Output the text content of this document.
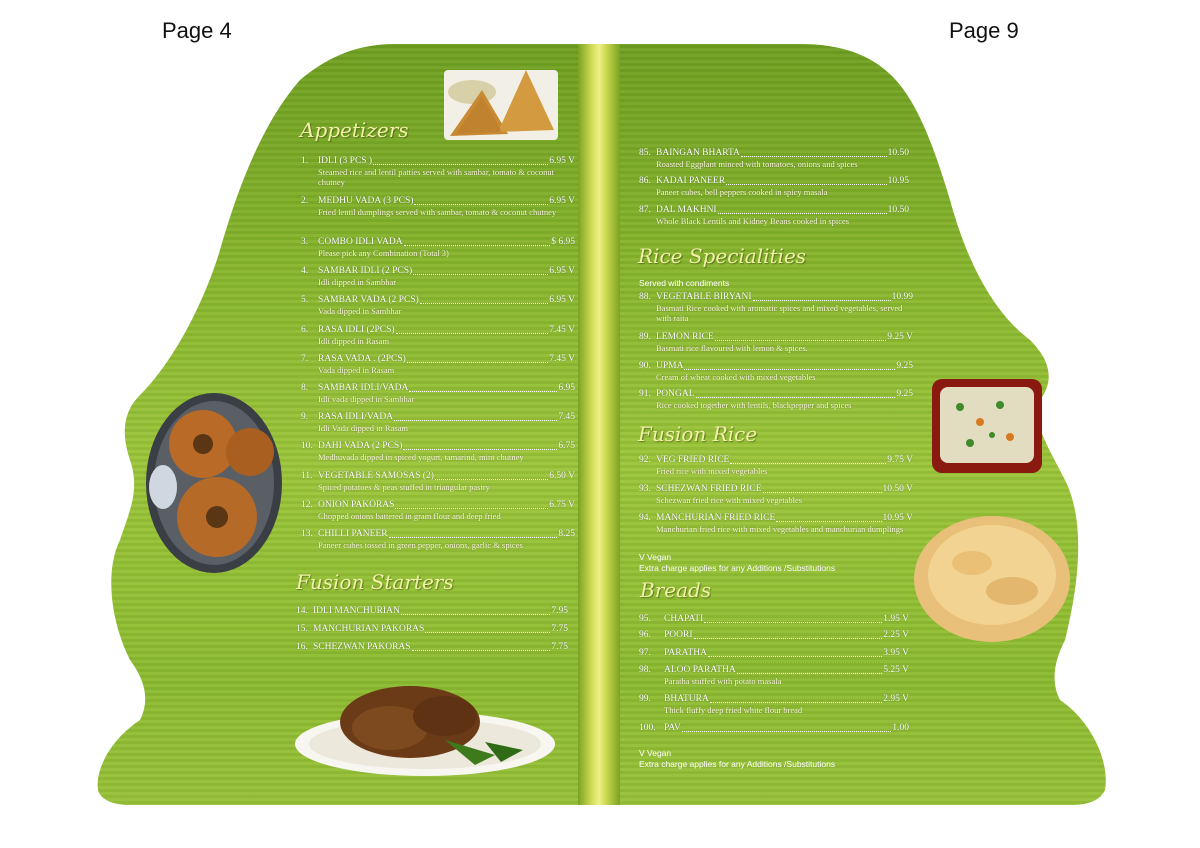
Page 4	Page 9
Appetizers
1.	IDLI (3 PCS )	6.95 V
Steamed rice and lentil patties served with sambar, tomato & coconut chutney
2.	MEDHU VADA (3 PCS)	6.95 V
Fried lentil dumplings served with sambar, tomato & coconut chutney
3.	COMBO IDLI VADA	$ 6.95
Please pick any Combination (Total 3)
4.	SAMBAR IDLI (2 PCS)	6.95 V
Idli dipped in Sambhar
5.	SAMBAR VADA (2 PCS)	6.95 V
Vada dipped in Sambhar
6.	RASA IDLI (2PCS)	7.45 V
Idli dipped in Rasam
7.	RASA VADA . (2PCS)	7.45 V
Vada dipped in Rasam
8.	SAMBAR IDLI/VADA	6.95
Idli vada dipped in Sambhar
9.	RASA IDLI/VADA	7.45
Idli Vada dipped in Rasam
10. DAHI VADA (2 PCS)	6.75
Medhuvada dipped in spiced yogurt, tamarind, mint chutney
11. VEGETABLE SAMOSAS (2)	6.50 V
Spiced potatoes & peas stuffed in triangular pastry
12. ONION PAKORAS	6.75 V
Chopped onions battered in gram flour and deep fried
13. CHILLI PANEER	8.25
Paneer cubes tossed in green pepper, onions, garlic & spices
Fusion Starters
14. IDLI MANCHURIAN	7.95
15. MANCHURIAN PAKORAS	7.75
16. SCHEZWAN PAKORAS	7.75
85. BAINGAN BHARTA	10.50
Roasted Eggplant minced with tomatoes, onions and spices
86. KADAI PANEER	10.95
Paneer cubes, bell peppers cooked in spicy masala
87. DAL MAKHNI	10.50
Whole Black Lentils and Kidney Beans cooked in spices
Rice Specialities
Served with condiments
88. VEGETABLE BIRYANI	10.99
Basmati Rice cooked with aromatic spices and mixed vegetables, served with raita
89. LEMON RICE	9.25 V
Basmati rice flavoured with lemon & spices.
90. UPMA	9.25
Cream of wheat cooked with mixed vegetables
91. PONGAL	9.25
Rice cooked together with lentils, blackpepper and spices
Fusion Rice
92. VEG FRIED RICE	9.75 V
Fried rice with mixed vegetables
93. SCHEZWAN FRIED RICE	10.50 V
Schezwan fried rice with mixed vegetables
94. MANCHURIAN FRIED RICE	10.95 V
Manchurian fried rice with mixed vegetables and manchurian dumplings
V Vegan
Extra charge applies for any Additions /Substitutions
Breads
95.	CHAPATI	1.95 V
96.	POORI	2.25 V
97.	PARATHA	3.95 V
98.	ALOO PARATHA	5.25 V
Paratha stuffed with potato masala
99.	BHATURA	2.95 V
Thick fluffy deep fried white flour bread
100. PAV	1.00
V Vegan
Extra charge applies for any Additions /Substitutions
